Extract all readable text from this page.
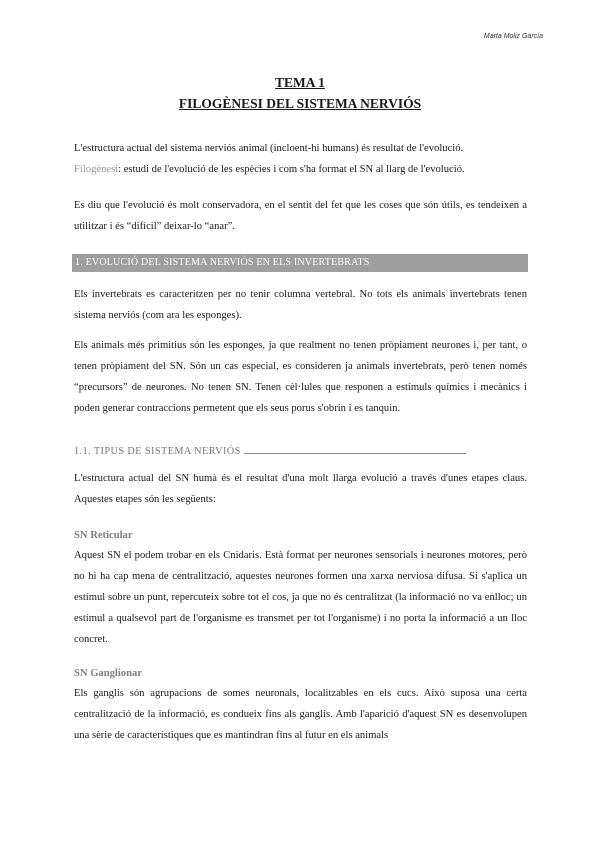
Marta Moliz García
TEMA 1
FILOGÈNESI DEL SISTEMA NERVIÓS
L'estructura actual del sistema nerviós animal (incloent-hi humans) és resultat de l'evolució.
Filogènesi: estudi de l'evolució de les espècies i com s'ha format el SN al llarg de l'evolució.
Es diu que l'evolució és molt conservadora, en el sentit del fet que les coses que són útils, es tendeixen a utilitzar i és “difícil” deixar-lo “anar”.
1. EVOLUCIÓ DEL SISTEMA NERVIÓS EN ELS INVERTEBRATS
Els invertebrats es caracteritzen per no tenir columna vertebral. No tots els animals invertebrats tenen sistema nerviós (com ara les esponges).
Els animals més primitius són les esponges, ja que realment no tenen pròpiament neurones i, per tant, o tenen pròpiament del SN. Són un cas especial, es consideren ja animals invertebrats, però tenen només “precursors” de neurones. No tenen SN. Tenen cèl·lules que responen a estímuls químics i mecànics i poden generar contraccions permetent que els seus porus s'obrin i es tanquin.
1.1. TIPUS DE SISTEMA NERVIÓS
L'estructura actual del SN humà és el resultat d'una molt llarga evolució a través d'unes etapes claus. Aquestes etapes són les següents:
SN Reticular
Aquest SN el podem trobar en els Cnidaris. Està format per neurones sensorials i neurones motores, però no hi ha cap mena de centralització, aquestes neurones formen una xarxa nerviosa difusa. Si s'aplica un estímul sobre un punt, repercuteix sobre tot el cos, ja que no és centralitzat (la informació no va enlloc; un estímul a qualsevol part de l'organisme es transmet per tot l'organisme) i no porta la informació a un lloc concret.
SN Ganglionar
Els ganglis són agrupacions de somes neuronals, localitzables en els cucs. Això suposa una certa centralització de la informació, es condueix fins als ganglis. Amb l'aparició d'aquest SN es desenvolupen una sèrie de característiques que es mantindran fins al futur en els animals
